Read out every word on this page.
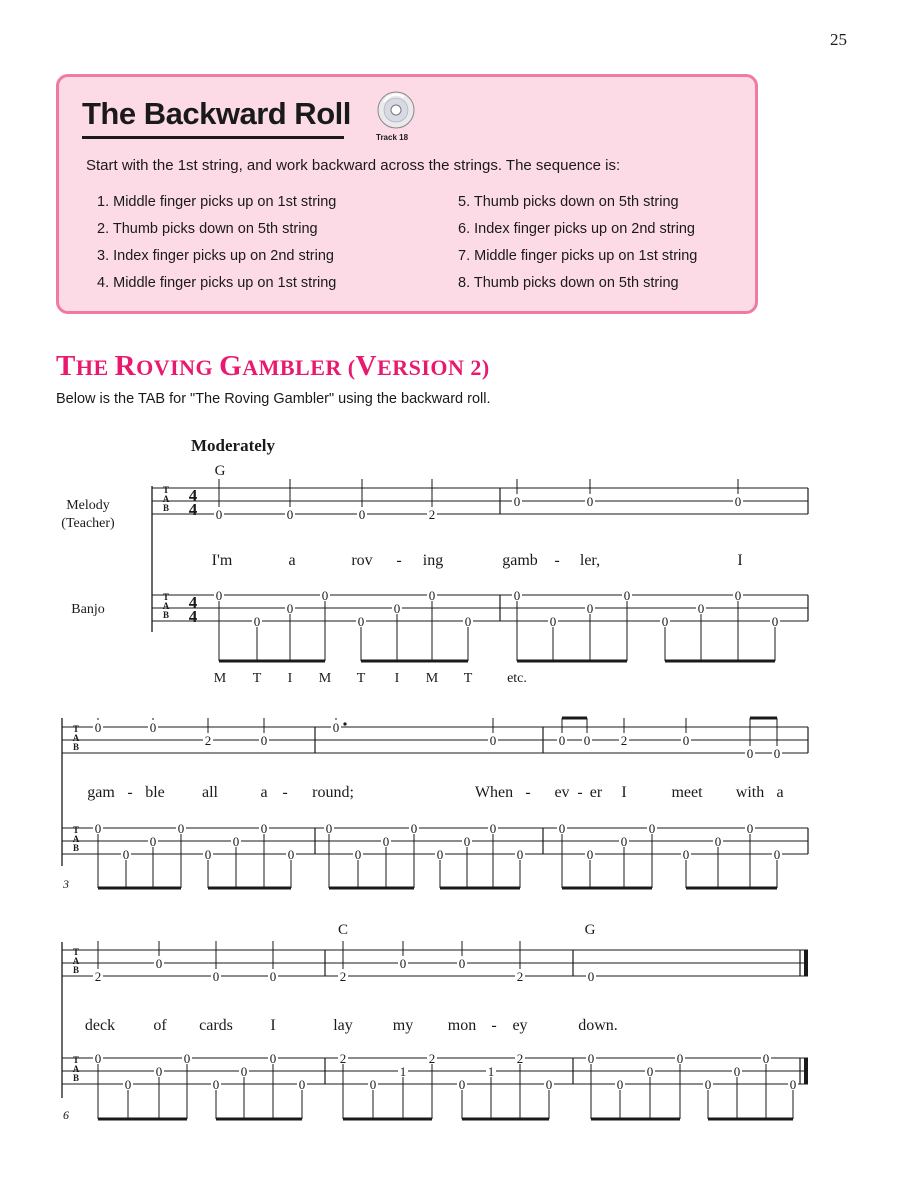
25
The Backward Roll
Track 18
Start with the 1st string, and work backward across the strings. The sequence is:
1. Middle finger picks up on 1st string
2. Thumb picks down on 5th string
3. Index finger picks up on 2nd string
4. Middle finger picks up on 1st string
5. Thumb picks down on 5th string
6. Index finger picks up on 2nd string
7. Middle finger picks up on 1st string
8. Thumb picks down on 5th string
THE ROVING GAMBLER (VERSION 2)
Below is the TAB for "The Roving Gambler" using the backward roll.
Moderately
G
Melody
(Teacher)
Banjo
T
A
B
4
4 0	0	0	2
0	0	0
I'm	a	rov - ing	gamb - ler,	I
T
A
B
4
4
0
0
0
0
0
0
0
0
0
0
0
0
0
0
0
0
M T I M T I M T etc.
T
A
B
0	0
2	0
0
0	0 0 2	0
0 0
gam - ble all	a - round;	When - ev - er I	meet with a
T
A
B
0
0
0
0
0
0
0
0
0
0
0
0
0
0
0
0
0
0
0
0
0
0
0
0
3
C	G
T
A
B 2
0
0	0	2
0	0
2	0
deck of cards I	lay	my mon - ey	down.
T
A
B
0
0
0
0
0
0
0
0
2
0
1
2
0
1
2
0
0
0
0
0
0
0
0
0
6
